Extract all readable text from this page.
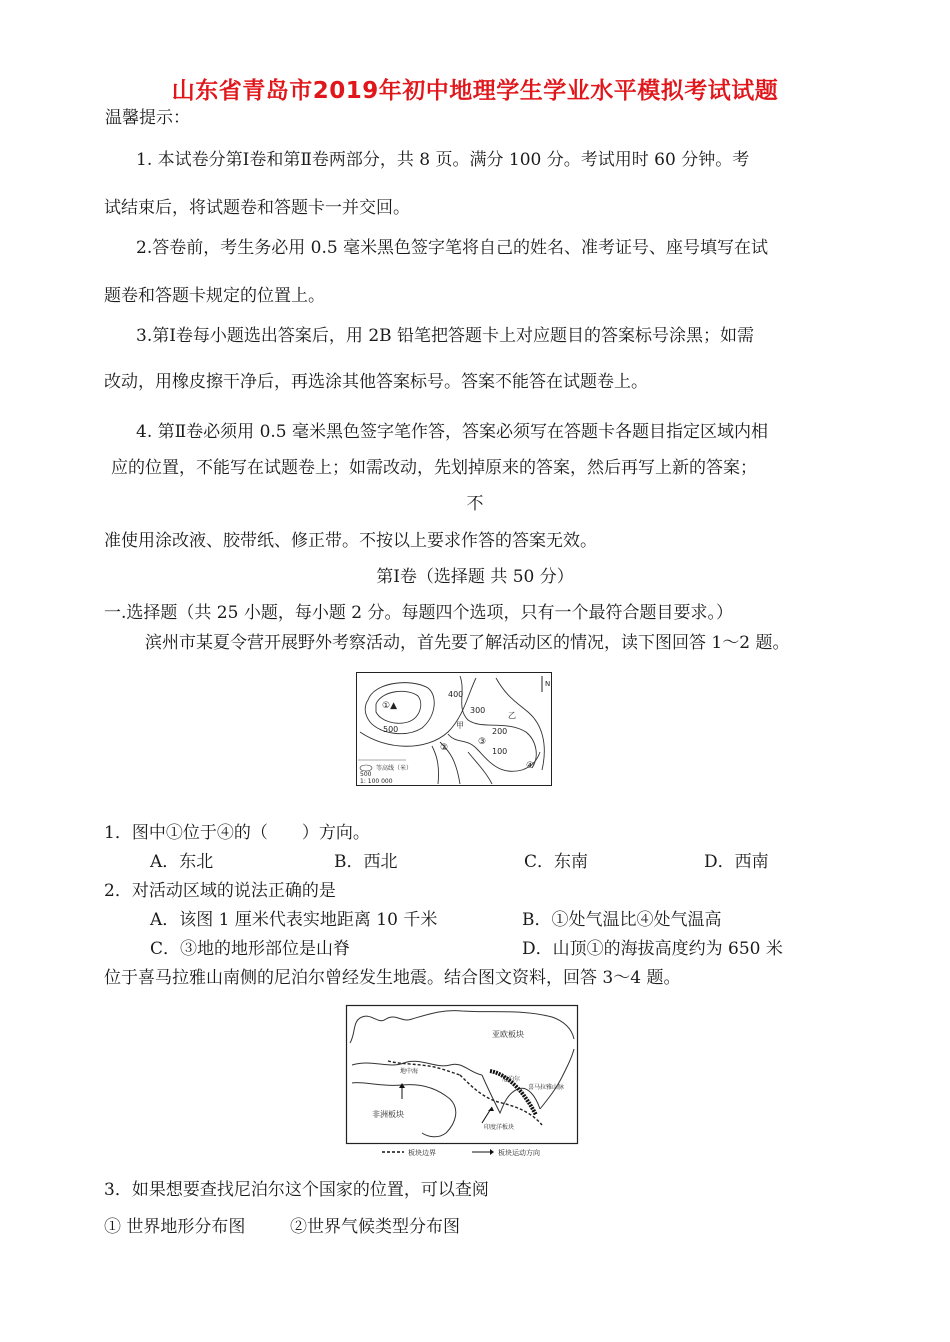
山东省青岛市2019年初中地理学生学业水平模拟考试试题
温馨提示：
1. 本试卷分第Ⅰ卷和第Ⅱ卷两部分，共 8 页。满分 100 分。考试用时 60 分钟。考
试结束后，将试题卷和答题卡一并交回。
2.答卷前，考生务必用 0.5 毫米黑色签字笔将自己的姓名、准考证号、座号填写在试
题卷和答题卡规定的位置上。
3.第Ⅰ卷每小题选出答案后，用 2B 铅笔把答题卡上对应题目的答案标号涂黑；如需
改动，用橡皮擦干净后，再选涂其他答案标号。答案不能答在试题卷上。
4. 第Ⅱ卷必须用 0.5 毫米黑色签字笔作答，答案必须写在答题卡各题目指定区域内相
应的位置，不能写在试题卷上；如需改动，先划掉原来的答案，然后再写上新的答案；
不
准使用涂改液、胶带纸、修正带。不按以上要求作答的答案无效。
第Ⅰ卷（选择题 共 50 分）
一.选择题（共 25 小题，每小题 2 分。每题四个选项，只有一个最符合题目要求。）
滨州市某夏令营开展野外考察活动，首先要了解活动区的情况，读下图回答 1～2 题。
N
400
300
200
100
500
①▲
②
③
④
甲
乙
500
等高线（米）
1: 100 000
1．图中①位于④的（　　）方向。
A．东北	B．西北	C．东南	D．西南
2．对活动区域的说法正确的是
A．该图 1 厘米代表实地距离 10 千米	B．①处气温比④处气温高
C．③地的地形部位是山脊	D．山顶①的海拔高度约为 650 米
位于喜马拉雅山南侧的尼泊尔曾经发生地震。结合图文资料，回答 3～4 题。
亚欧板块
非洲板块
印度洋板块
喜马拉雅山脉
尼泊尔
地中海
板块边界	板块运动方向
3．如果想要查找尼泊尔这个国家的位置，可以查阅
① 世界地形分布图	②世界气候类型分布图
